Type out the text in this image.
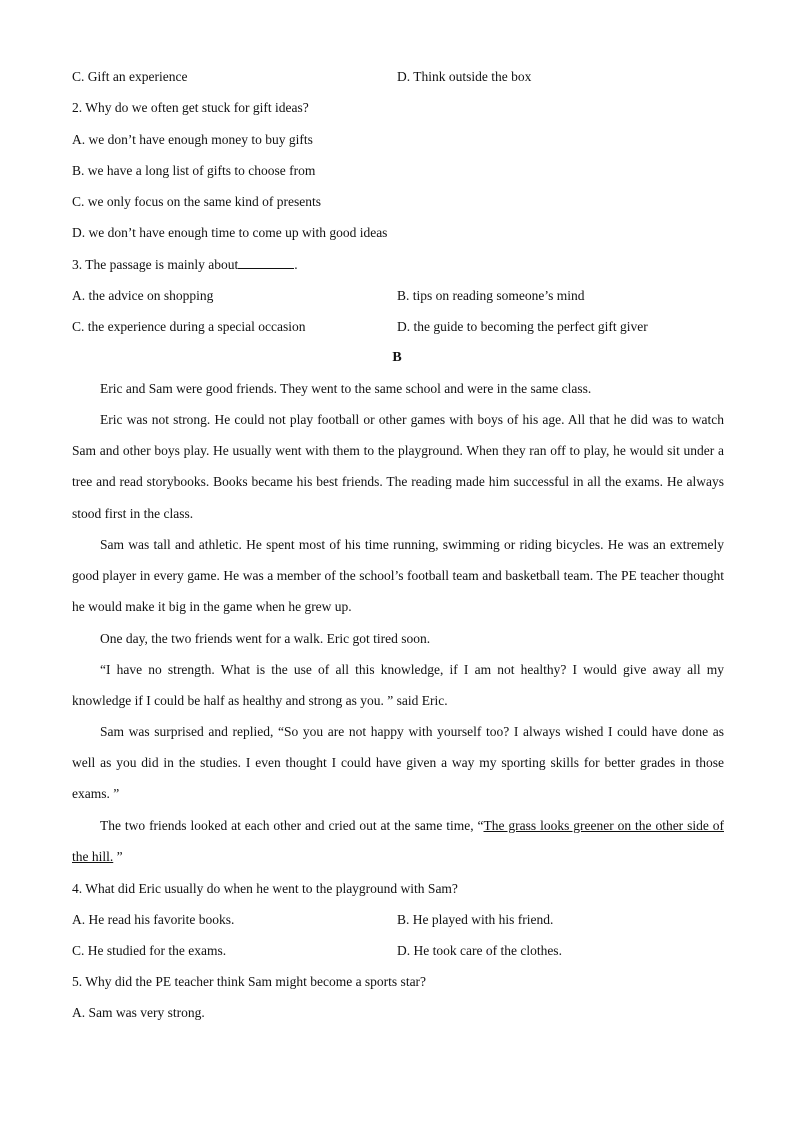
C. Gift an experience	D. Think outside the box
2. Why do we often get stuck for gift ideas?
A. we don’t have enough money to buy gifts
B. we have a long list of gifts to choose from
C. we only focus on the same kind of presents
D. we don’t have enough time to come up with good ideas
3. The passage is mainly about	.
A. the advice on shopping	B. tips on reading someone’s mind
C. the experience during a special occasion	D. the guide to becoming the perfect gift giver
B
Eric and Sam were good friends. They went to the same school and were in the same class.
Eric was not strong. He could not play football or other games with boys of his age. All that he did was to watch Sam and other boys play. He usually went with them to the playground. When they ran off to play, he would sit under a tree and read storybooks. Books became his best friends. The reading made him successful in all the exams. He always stood first in the class.
Sam was tall and athletic. He spent most of his time running, swimming or riding bicycles. He was an extremely good player in every game. He was a member of the school’s football team and basketball team. The PE teacher thought he would make it big in the game when he grew up.
One day, the two friends went for a walk. Eric got tired soon.
“I have no strength. What is the use of all this knowledge, if I am not healthy? I would give away all my knowledge if I could be half as healthy and strong as you. ” said Eric.
Sam was surprised and replied, “So you are not happy with yourself too? I always wished I could have done as well as you did in the studies. I even thought I could have given a way my sporting skills for better grades in those exams. ”
The two friends looked at each other and cried out at the same time, “The grass looks greener on the other side of the hill. ”
4. What did Eric usually do when he went to the playground with Sam?
A. He read his favorite books.	B. He played with his friend.
C. He studied for the exams.	D. He took care of the clothes.
5. Why did the PE teacher think Sam might become a sports star?
A. Sam was very strong.
